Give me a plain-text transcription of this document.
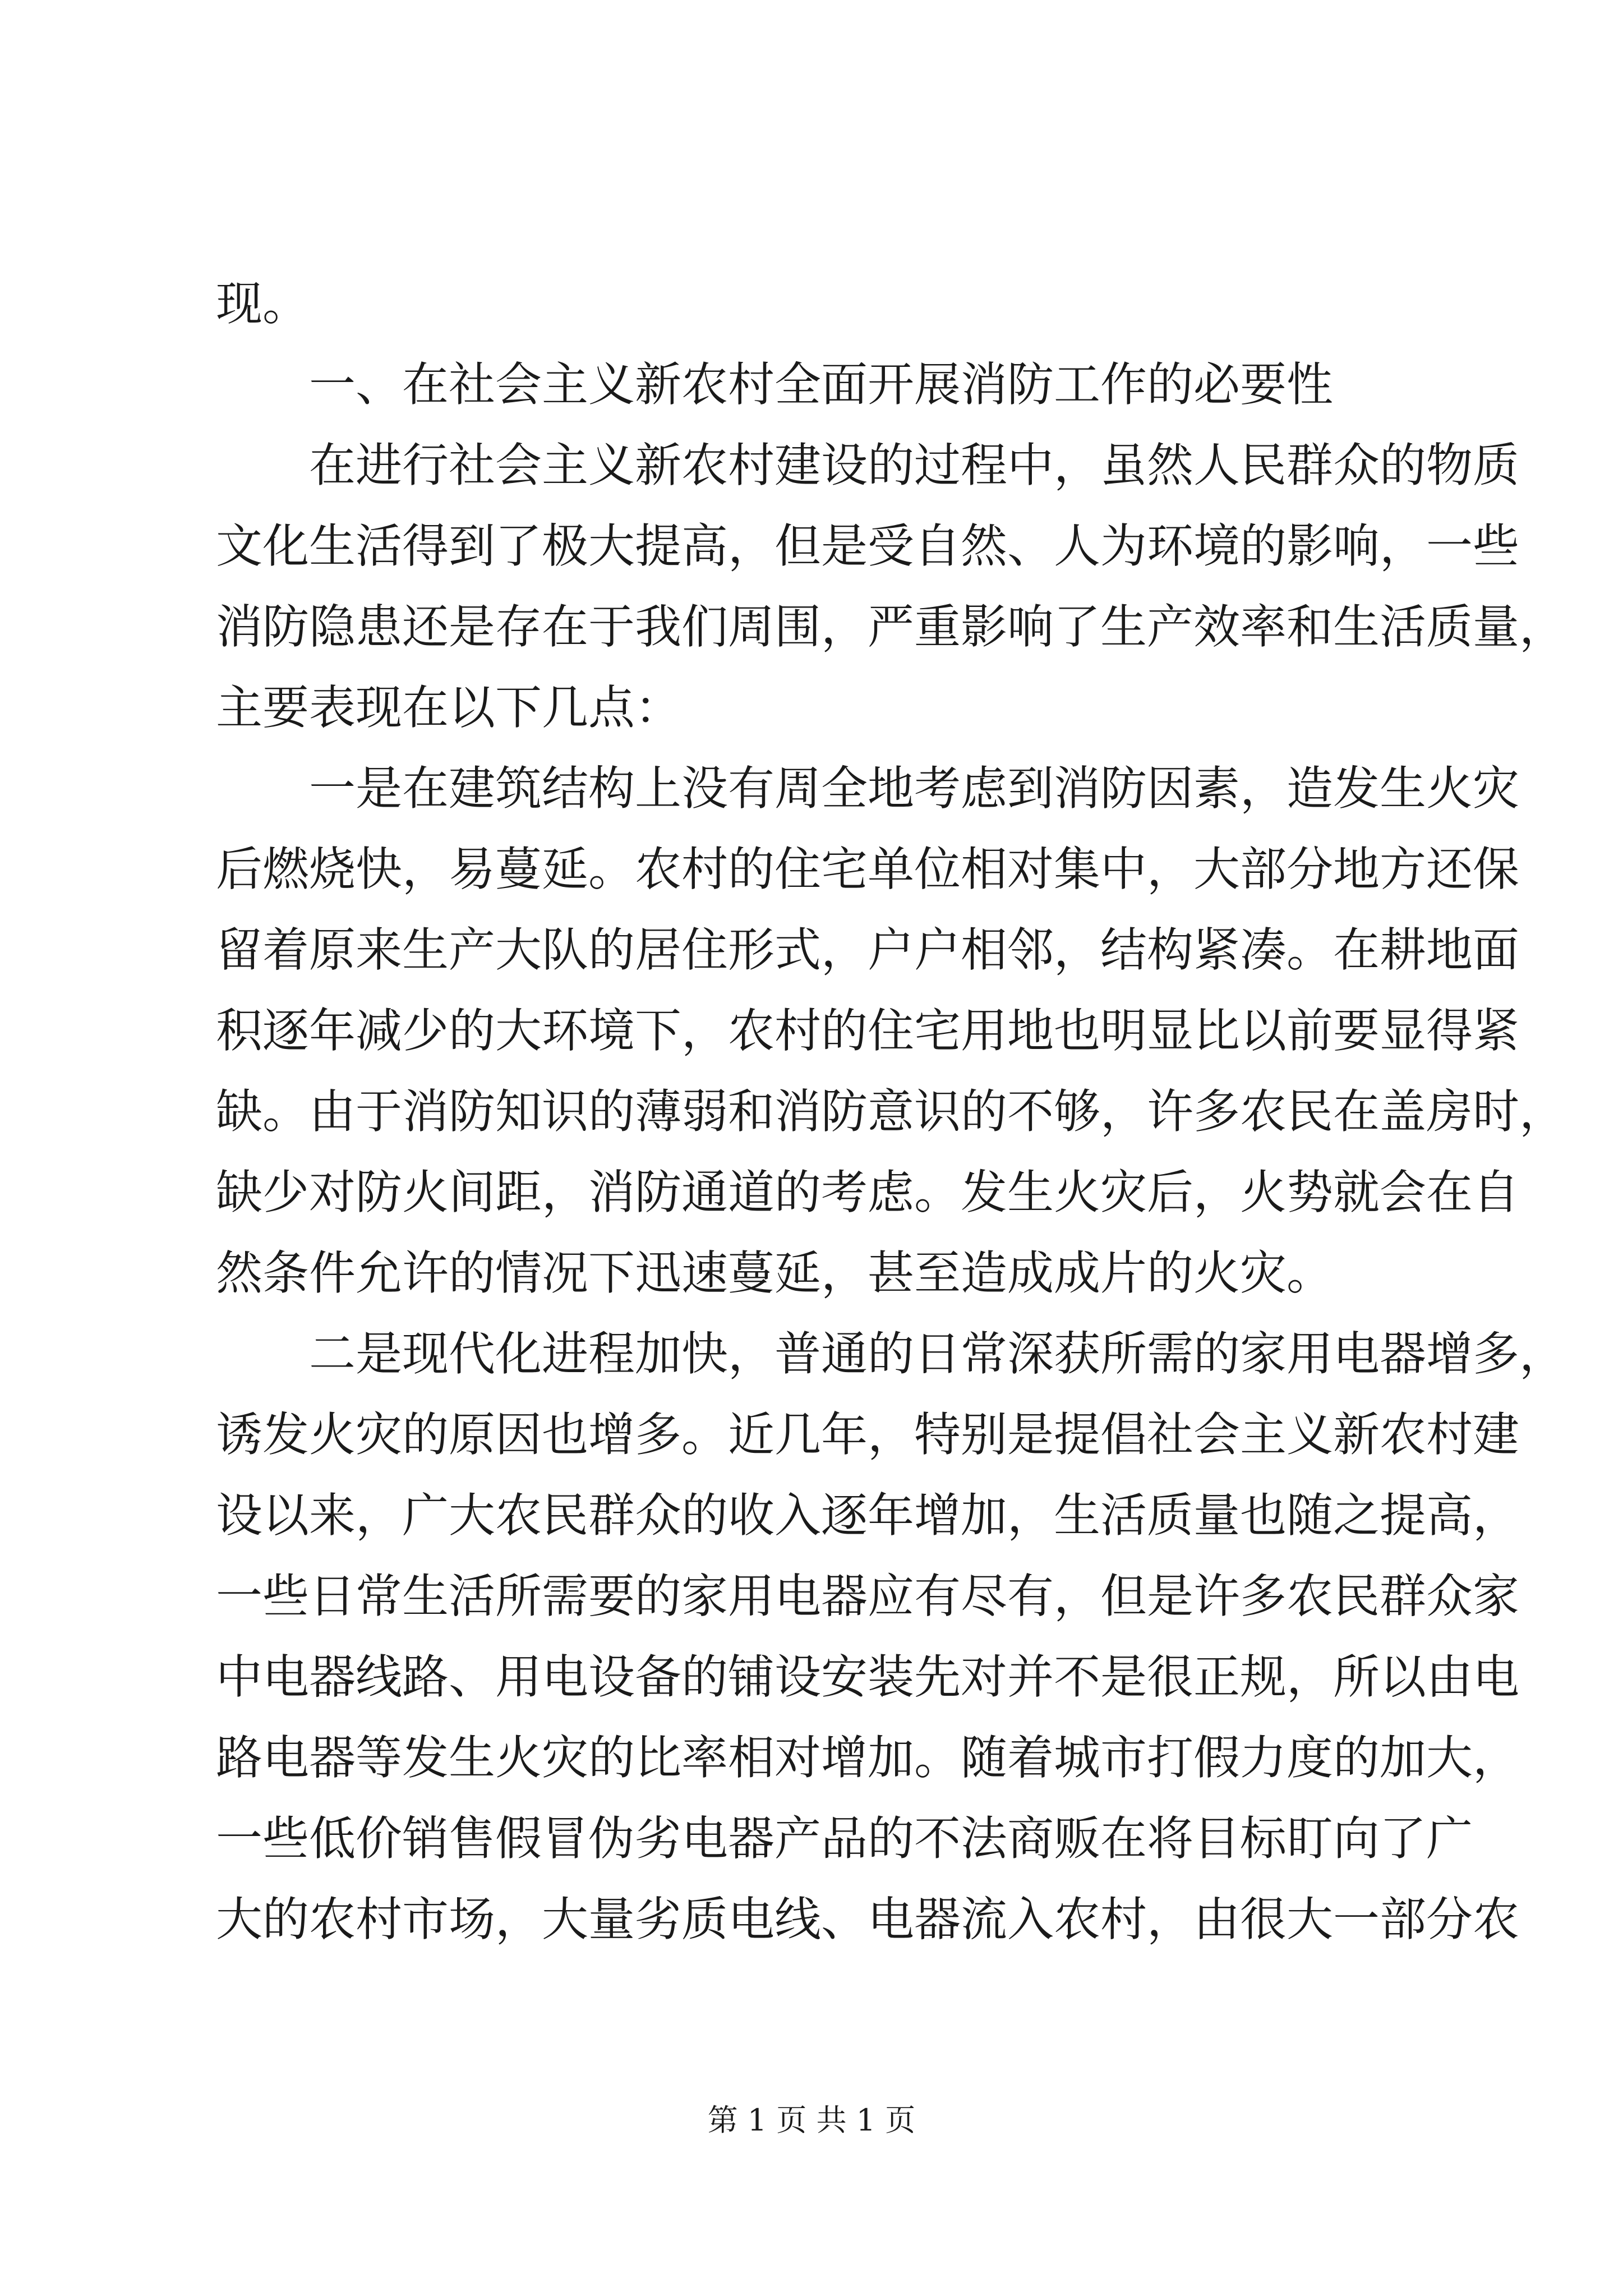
现。
一、在社会主义新农村全面开展消防工作的必要性
在进行社会主义新农村建设的过程中，虽然人民群众的物质
文化生活得到了极大提高，但是受自然、人为环境的影响，一些
消防隐患还是存在于我们周围，严重影响了生产效率和生活质量，
主要表现在以下几点：
一是在建筑结构上没有周全地考虑到消防因素，造发生火灾
后燃烧快，易蔓延。农村的住宅单位相对集中，大部分地方还保
留着原来生产大队的居住形式，户户相邻，结构紧凑。在耕地面
积逐年减少的大环境下，农村的住宅用地也明显比以前要显得紧
缺。由于消防知识的薄弱和消防意识的不够，许多农民在盖房时，
缺少对防火间距，消防通道的考虑。发生火灾后，火势就会在自
然条件允许的情况下迅速蔓延，甚至造成成片的火灾。
二是现代化进程加快，普通的日常深获所需的家用电器增多，
诱发火灾的原因也增多。近几年，特别是提倡社会主义新农村建
设以来，广大农民群众的收入逐年增加，生活质量也随之提高，
一些日常生活所需要的家用电器应有尽有，但是许多农民群众家
中电器线路、用电设备的铺设安装先对并不是很正规，所以由电
路电器等发生火灾的比率相对增加。随着城市打假力度的加大，
一些低价销售假冒伪劣电器产品的不法商贩在将目标盯向了广
大的农村市场，大量劣质电线、电器流入农村，由很大一部分农
第 1 页 共 1 页
